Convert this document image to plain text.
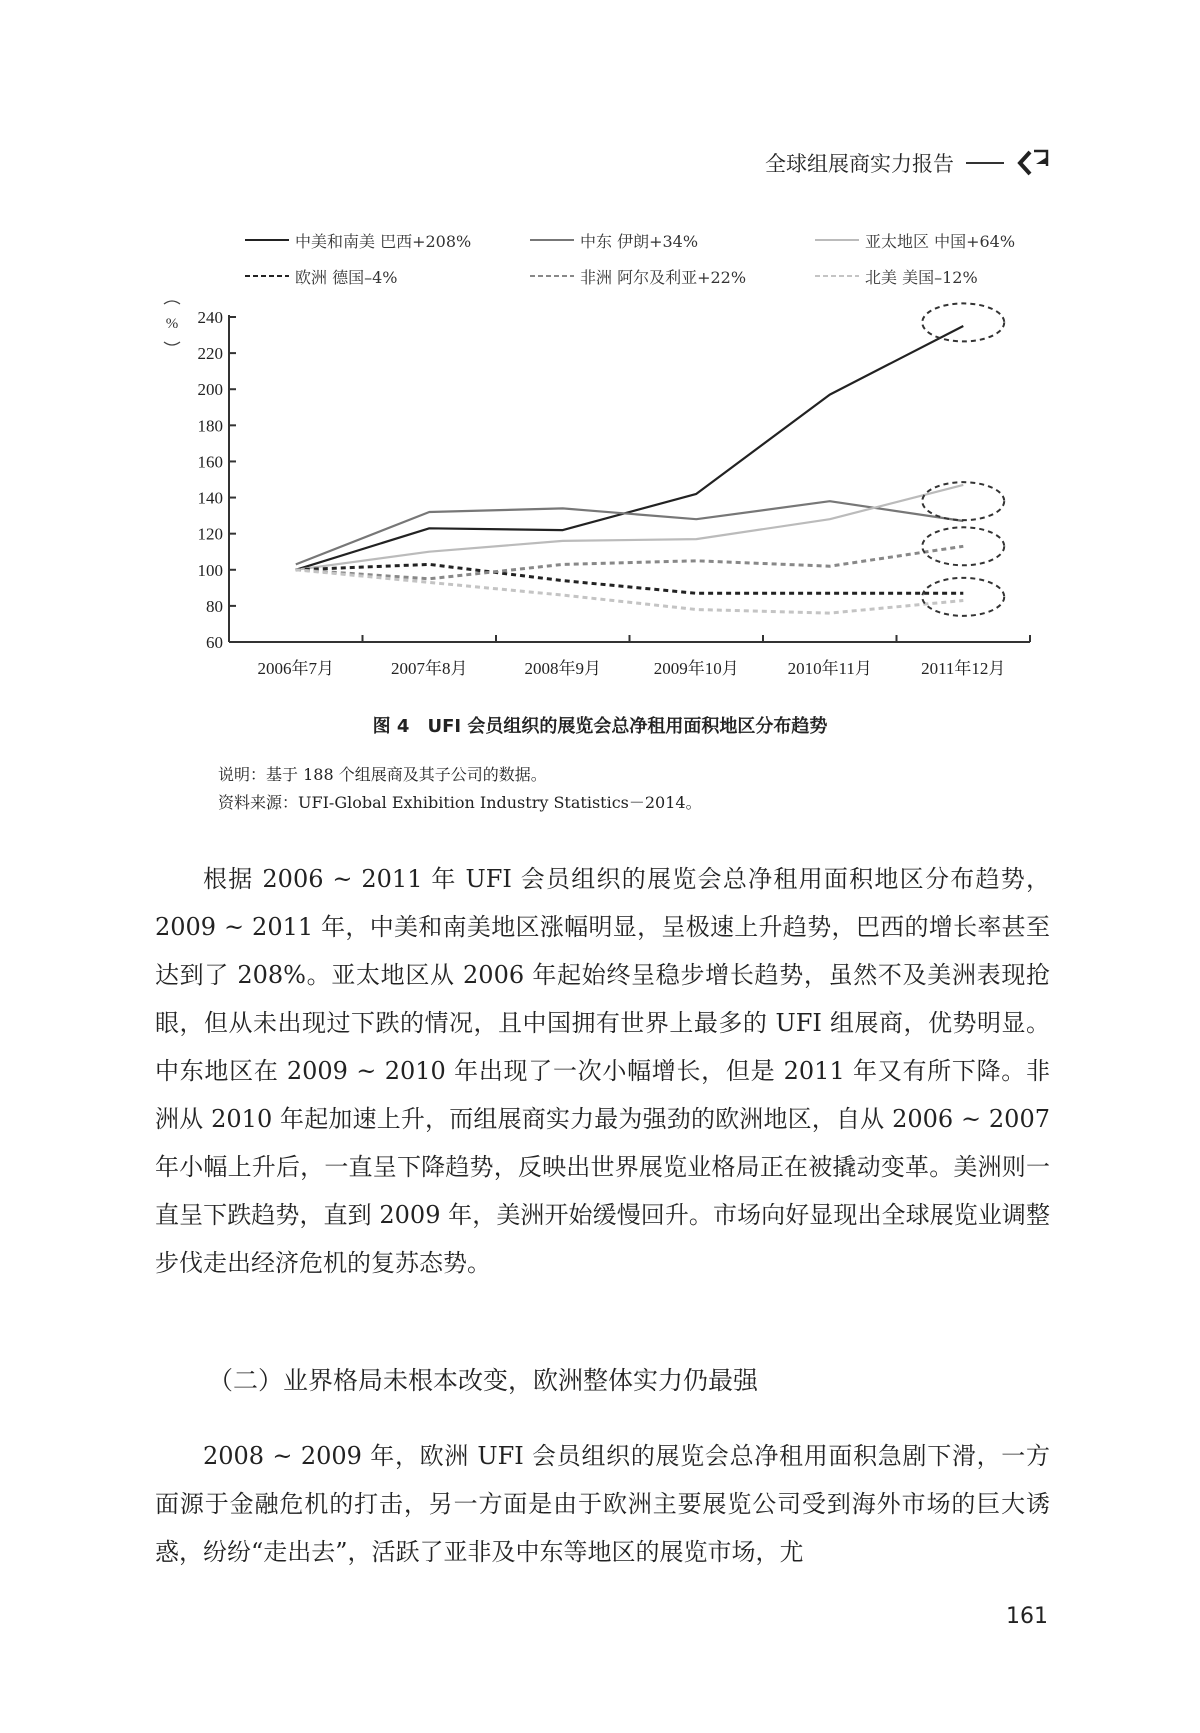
全球组展商实力报告
中美和南美 巴西+208%	中东 伊朗+34%	亚太地区 中国+64%
欧洲 德国–4%	非洲 阿尔及利亚+22%	北美 美国–12%
60
80
100
120
140
160
180
200
220
240
%
2006年7月	2007年8月	2008年9月	2009年10月	2010年11月	2011年12月
图 4　UFI 会员组织的展览会总净租用面积地区分布趋势
说明：基于 188 个组展商及其子公司的数据。
资料来源：UFI-Global Exhibition Industry Statistics－2014。

根据 2006 ~ 2011 年 UFI 会员组织的展览会总净租用面积地区分布趋势，2009 ~ 2011 年，中美和南美地区涨幅明显，呈极速上升趋势，巴西的增长率甚至达到了 208%。亚太地区从 2006 年起始终呈稳步增长趋势，虽然不及美洲表现抢眼，但从未出现过下跌的情况，且中国拥有世界上最多的 UFI 组展商，优势明显。中东地区在 2009 ~ 2010 年出现了一次小幅增长，但是 2011 年又有所下降。非洲从 2010 年起加速上升，而组展商实力最为强劲的欧洲地区，自从 2006 ~ 2007 年小幅上升后，一直呈下降趋势，反映出世界展览业格局正在被撬动变革。美洲则一直呈下跌趋势，直到 2009 年，美洲开始缓慢回升。市场向好显现出全球展览业调整步伐走出经济危机的复苏态势。

（二）业界格局未根本改变，欧洲整体实力仍最强

2008 ~ 2009 年，欧洲 UFI 会员组织的展览会总净租用面积急剧下滑，一方面源于金融危机的打击，另一方面是由于欧洲主要展览公司受到海外市场的巨大诱惑，纷纷“走出去”，活跃了亚非及中东等地区的展览市场，尤

161
